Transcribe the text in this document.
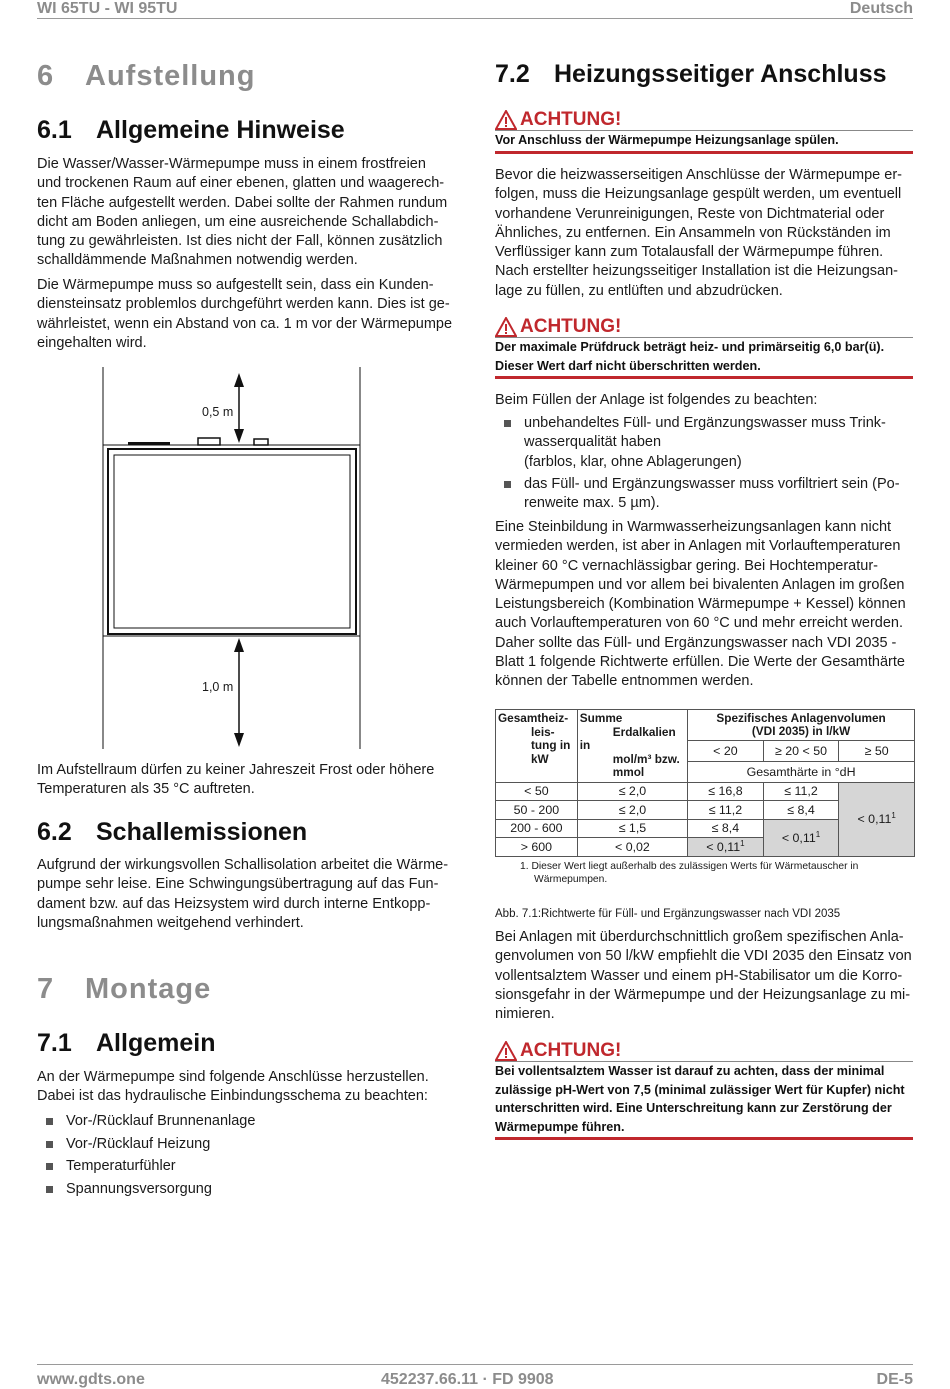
WI 65TU - WI 95TU	Deutsch
www.gdts.one	452237.66.11 · FD 9908	DE-5
6 Aufstellung
6.1 Allgemeine Hinweise

Die Wasser/Wasser-Wärmepumpe muss in einem frostfreien
und trockenen Raum auf einer ebenen, glatten und waagerech-
ten Fläche aufgestellt werden. Dabei sollte der Rahmen rundum
dicht am Boden anliegen, um eine ausreichende Schallabdich-
tung zu gewährleisten. Ist dies nicht der Fall, können zusätzlich
schalldämmende Maßnahmen notwendig werden.

Die Wärmepumpe muss so aufgestellt sein, dass ein Kunden-
diensteinsatz problemlos durchgeführt werden kann. Dies ist ge-
währleistet, wenn ein Abstand von ca. 1 m vor der Wärmepumpe
eingehalten wird.

0,5 m
1,0 m

Im Aufstellraum dürfen zu keiner Jahreszeit Frost oder höhere
Temperaturen als 35 °C auftreten.

6.2 Schallemissionen

Aufgrund der wirkungsvollen Schallisolation arbeitet die Wärme-
pumpe sehr leise. Eine Schwingungsübertragung auf das Fun-
dament bzw. auf das Heizsystem wird durch interne Entkopp-
lungsmaßnahmen weitgehend verhindert.

7 Montage
7.1 Allgemein

An der Wärmepumpe sind folgende Anschlüsse herzustellen.
Dabei ist das hydraulische Einbindungsschema zu beachten:

Vor-/Rücklauf Brunnenanlage
Vor-/Rücklauf Heizung
Temperaturfühler
Spannungsversorgung
7.2 Heizungsseitiger Anschluss
ACHTUNG!
Vor Anschluss der Wärmepumpe Heizungsanlage spülen.

Bevor die heizwasserseitigen Anschlüsse der Wärmepumpe er-
folgen, muss die Heizungsanlage gespült werden, um eventuell
vorhandene Verunreinigungen, Reste von Dichtmaterial oder
Ähnliches, zu entfernen. Ein Ansammeln von Rückständen im
Verflüssiger kann zum Totalausfall der Wärmepumpe führen.
Nach erstellter heizungsseitiger Installation ist die Heizungsan-
lage zu füllen, zu entlüften und abzudrücken.

ACHTUNG!
Der maximale Prüfdruck beträgt heiz- und primärseitig 6,0 bar(ü).
Dieser Wert darf nicht überschritten werden.

Beim Füllen der Anlage ist folgendes zu beachten:

unbehandeltes Füll- und Ergänzungswasser muss Trink-
wasserqualität haben
(farblos, klar, ohne Ablagerungen)
das Füll- und Ergänzungswasser muss vorfiltriert sein (Po-
renweite max. 5 µm).

Eine Steinbildung in Warmwasserheizungsanlagen kann nicht
vermieden werden, ist aber in Anlagen mit Vorlauftemperaturen
kleiner 60 °C vernachlässigbar gering. Bei Hochtemperatur-
Wärmepumpen und vor allem bei bivalenten Anlagen im großen
Leistungsbereich (Kombination Wärmepumpe + Kessel) können
auch Vorlauftemperaturen von 60 °C und mehr erreicht werden.
Daher sollte das Füll- und Ergänzungswasser nach VDI 2035 -
Blatt 1 folgende Richtwerte erfüllen. Die Werte der Gesamthärte
können der Tabelle entnommen werden.

Gesamtheiz-
leis-
tung in
kW	Summe
Erdalkalien in
mol/m³ bzw.
mmol	Spezifisches Anlagenvolumen
(VDI 2035) in l/kW		
		< 20	≥ 20 < 50	≥ 50
		Gesamthärte in °dH		
< 50	≤ 2,0	≤ 16,8	≤ 11,2	< $0,11^1$
50 - 200	≤ 2,0	≤ 11,2	≤ 8,4	
200 - 600	≤ 1,5	≤ 8,4	< $0,11^1$
> 600	< 0,02	< $0,11^1$
1. Dieser Wert liegt außerhalb des zulässigen Werts für Wärmetauscher in
Wärmepumpen.
Abb. 7.1:Richtwerte für Füll- und Ergänzungswasser nach VDI 2035

Bei Anlagen mit überdurchschnittlich großem spezifischen Anla-
genvolumen von 50 l/kW empfiehlt die VDI 2035 den Einsatz von
vollentsalztem Wasser und einem pH-Stabilisator um die Korro-
sionsgefahr in der Wärmepumpe und der Heizungsanlage zu mi-
nimieren.

ACHTUNG!
Bei vollentsalztem Wasser ist darauf zu achten, dass der minimal
zulässige pH-Wert von 7,5 (minimal zulässiger Wert für Kupfer) nicht
unterschritten wird. Eine Unterschreitung kann zur Zerstörung der
Wärmepumpe führen.
